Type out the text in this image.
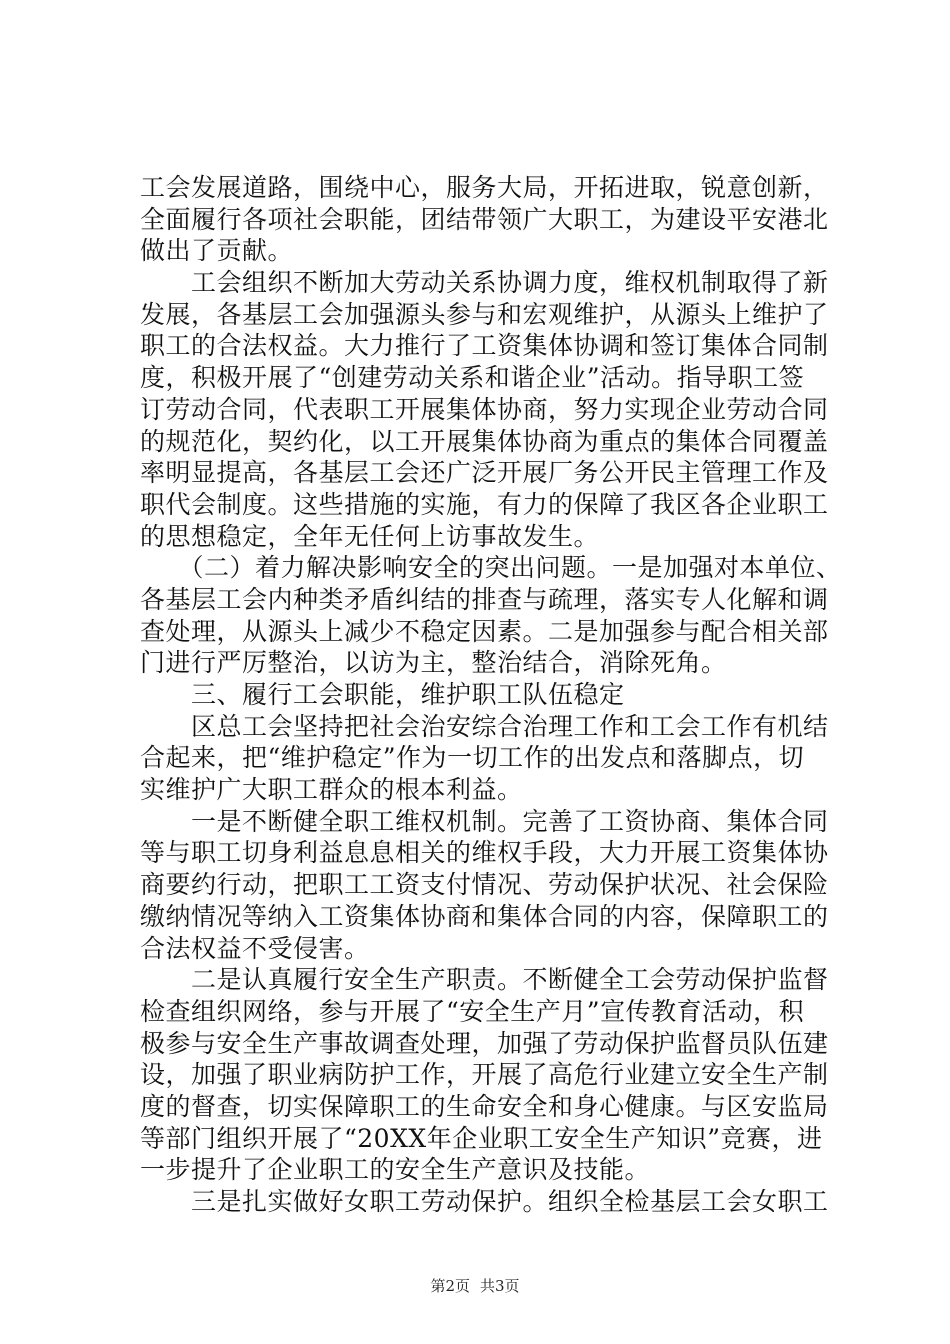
工会发展道路，围绕中心，服务大局，开拓进取，锐意创新，
全面履行各项社会职能，团结带领广大职工，为建设平安港北
做出了贡献。
　　工会组织不断加大劳动关系协调力度，维权机制取得了新
发展，各基层工会加强源头参与和宏观维护，从源头上维护了
职工的合法权益。大力推行了工资集体协调和签订集体合同制
度，积极开展了“创建劳动关系和谐企业”活动。指导职工签
订劳动合同，代表职工开展集体协商，努力实现企业劳动合同
的规范化，契约化，以工开展集体协商为重点的集体合同覆盖
率明显提高，各基层工会还广泛开展厂务公开民主管理工作及
职代会制度。这些措施的实施，有力的保障了我区各企业职工
的思想稳定，全年无任何上访事故发生。
　　（二）着力解决影响安全的突出问题。一是加强对本单位、
各基层工会内种类矛盾纠结的排查与疏理，落实专人化解和调
查处理，从源头上减少不稳定因素。二是加强参与配合相关部
门进行严厉整治，以访为主，整治结合，消除死角。
　　三、履行工会职能，维护职工队伍稳定
　　区总工会坚持把社会治安综合治理工作和工会工作有机结
合起来，把“维护稳定”作为一切工作的出发点和落脚点，切
实维护广大职工群众的根本利益。
　　一是不断健全职工维权机制。完善了工资协商、集体合同
等与职工切身利益息息相关的维权手段，大力开展工资集体协
商要约行动，把职工工资支付情况、劳动保护状况、社会保险
缴纳情况等纳入工资集体协商和集体合同的内容，保障职工的
合法权益不受侵害。
　　二是认真履行安全生产职责。不断健全工会劳动保护监督
检查组织网络，参与开展了“安全生产月”宣传教育活动，积
极参与安全生产事故调查处理，加强了劳动保护监督员队伍建
设，加强了职业病防护工作，开展了高危行业建立安全生产制
度的督查，切实保障职工的生命安全和身心健康。与区安监局
等部门组织开展了“20XX年企业职工安全生产知识”竞赛，进
一步提升了企业职工的安全生产意识及技能。
　　三是扎实做好女职工劳动保护。组织全检基层工会女职工
第2页 共3页
